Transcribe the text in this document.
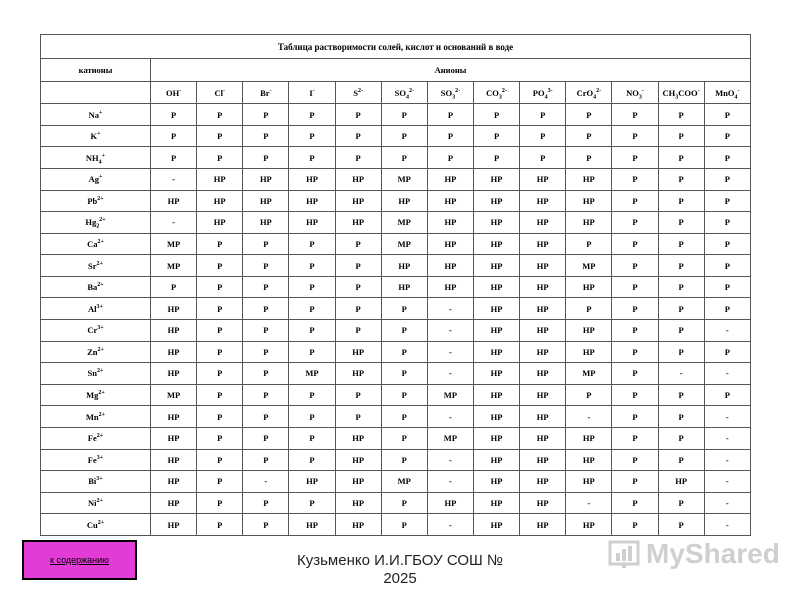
Таблица растворимости солей, кислот и оснований в воде													
катионы	Анионы												
	OH-	Cl-	Br-	I-	$S^{2-}$	$SO_4^{2-}$	$SO_3^{2-}$	$CO_3^{2-}$	$PO_4^{3-}$	CrO$_4^{2-}$	$NO_3^-$	$CH_3COO^-$	MnO$_4$-
Na+	P	P	P	P	P	P	P	P	P	P	P	P	P
K+	P	P	P	P	P	P	P	P	P	P	P	P	P
$NH_4^+$	P	P	P	P	P	P	P	P	P	P	P	P	P
Ag+	-	HP	HP	HP	HP	MP	HP	HP	HP	HP	P	P	P
$Pb^{2+}$	HP	HP	HP	HP	HP	HP	HP	HP	HP	HP	P	P	P
$Hg_2^{2+}$	-	HP	HP	HP	HP	MP	HP	HP	HP	HP	P	P	P
$Ca^{2+}$	MP	P	P	P	P	MP	HP	HP	HP	P	P	P	P
$Sr^{2+}$	MP	P	P	P	P	HP	HP	HP	HP	MP	P	P	P
$Ba^{2+}$	P	P	P	P	P	HP	HP	HP	HP	HP	P	P	P
$Al^{3+}$	HP	P	P	P	P	P	-	HP	HP	P	P	P	P
$Cr^{3+}$	HP	P	P	P	P	P	-	HP	HP	HP	P	P	-
$Zn^{2+}$	HP	P	P	P	HP	P	-	HP	HP	HP	P	P	P
$Sn^{2+}$	HP	P	P	MP	HP	P	-	HP	HP	MP	P	-	-
$Mg^{2+}$	MP	P	P	P	P	P	MP	HP	HP	P	P	P	P
$Mn^{2+}$	HP	P	P	P	P	P	-	HP	HP	-	P	P	-
$Fe^{2+}$	HP	P	P	P	HP	P	MP	HP	HP	HP	P	P	-
$Fe^{3+}$	HP	P	P	P	HP	P	-	HP	HP	HP	P	P	-
$Bi^{3+}$	HP	P	-	HP	HP	MP	-	HP	HP	HP	P	HP	-
$Ni^{2+}$	HP	P	P	P	HP	P	HP	HP	HP	-	P	P	-
$Cu^{2+}$	HP	P	P	HP	HP	P	-	HP	HP	HP	P	P	-
к содержанию	Кузьменко И.И.ГБОУ СОШ №
2025
MyShared
